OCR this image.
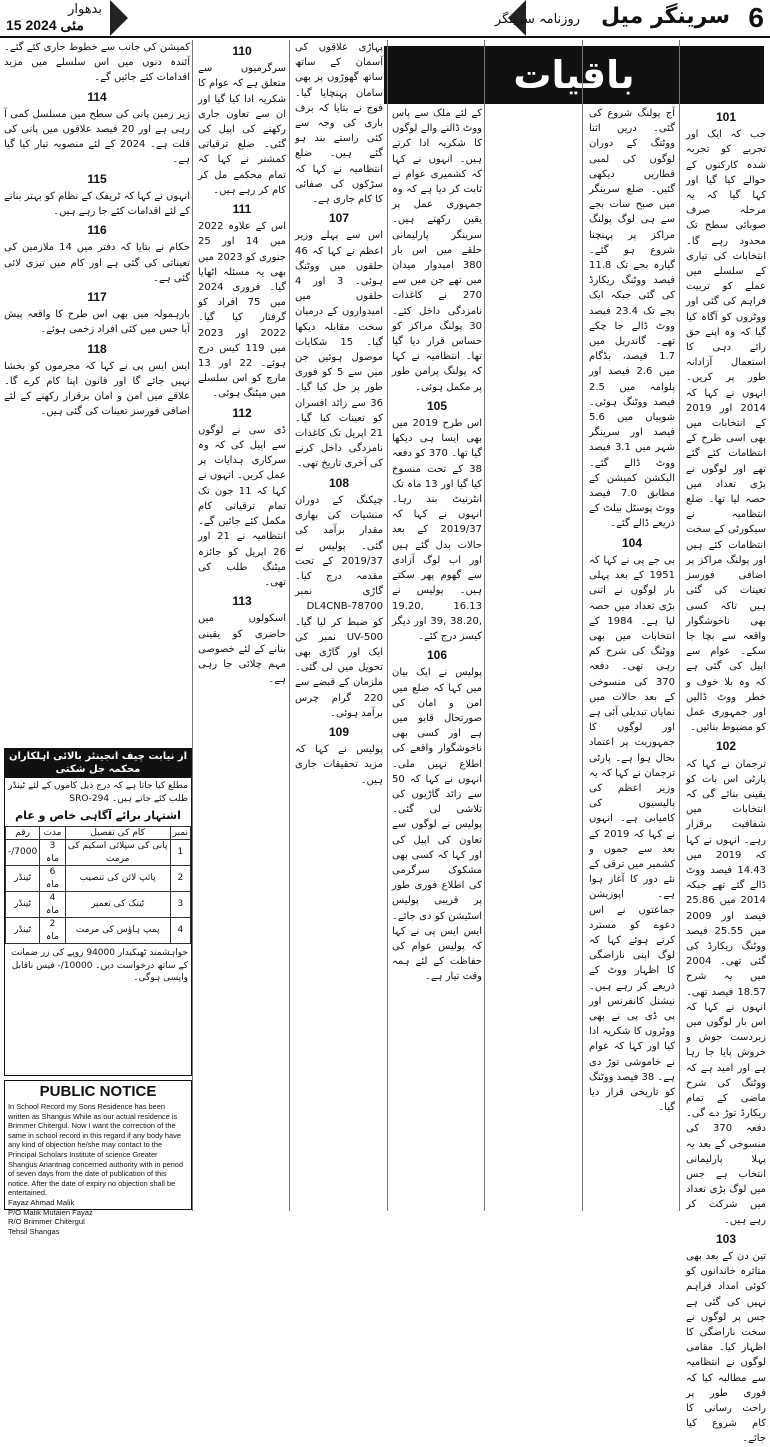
بدھوار
15 مئی 2024	روزنامہ سرینگر	سرینگر میل 6
باقیات
101

جب کہ ایک اور تجربے کو تجربہ شدہ کارکنوں کے حوالے کیا گیا اور کہا گیا کہ یہ مرحلہ صرف صوبائی سطح تک محدود رہے گا۔ انتخابات کی تیاری کے سلسلے میں عملے کو تربیت فراہم کی گئی اور ووٹروں کو آگاہ کیا گیا کہ وہ اپنے حق رائے دہی کا استعمال آزادانہ طور پر کریں۔ انہوں نے کہا کہ 2014 اور 2019 کے انتخابات میں بھی اسی طرح کے انتظامات کئے گئے تھے اور لوگوں نے بڑی تعداد میں حصہ لیا تھا۔ ضلع انتظامیہ نے سیکورٹی کے سخت انتظامات کئے ہیں اور پولنگ مراکز پر اضافی فورسز تعینات کی گئی ہیں تاکہ کسی بھی ناخوشگوار واقعہ سے بچا جا سکے۔ عوام سے اپیل کی گئی ہے کہ وہ بلا خوف و خطر ووٹ ڈالیں اور جمہوری عمل کو مضبوط بنائیں۔

102

ترجمان نے کہا کہ پارٹی اس بات کو یقینی بنائے گی کہ انتخابات میں شفافیت برقرار رہے۔ انہوں نے کہا کہ 2019 میں 14.43 فیصد ووٹ ڈالے گئے تھے جبکہ 2014 میں 25.86 فیصد اور 2009 میں 25.55 فیصد ووٹنگ ریکارڈ کی گئی تھی۔ 2004 میں یہ شرح 18.57 فیصد تھی۔ انہوں نے کہا کہ اس بار لوگوں میں زبردست جوش و خروش پایا جا رہا ہے اور امید ہے کہ ووٹنگ کی شرح ماضی کے تمام ریکارڈ توڑ دے گی۔ دفعہ 370 کی منسوخی کے بعد یہ پہلا پارلیمانی انتخاب ہے جس میں لوگ بڑی تعداد میں شرکت کر رہے ہیں۔

103

تین دن کے بعد بھی متاثرہ خاندانوں کو کوئی امداد فراہم نہیں کی گئی ہے جس پر لوگوں نے سخت ناراضگی کا اظہار کیا۔ مقامی لوگوں نے انتظامیہ سے مطالبہ کیا کہ فوری طور پر راحت رسانی کا کام شروع کیا جائے۔

آج پولنگ شروع کی گئی۔ دریں اثنا ووٹنگ کے دوران لوگوں کی لمبی قطاریں دیکھی گئیں۔ ضلع سرینگر میں صبح سات بجے سے ہی لوگ پولنگ مراکز پر پہنچنا شروع ہو گئے۔ گیارہ بجے تک 11.8 فیصد ووٹنگ ریکارڈ کی گئی جبکہ ایک بجے تک 23.4 فیصد ووٹ ڈالے جا چکے تھے۔ گاندربل میں 1.7 فیصد، بڈگام میں 2.6 فیصد اور پلوامہ میں 2.5 فیصد ووٹنگ ہوئی۔ شوپیاں میں 5.6 فیصد اور سرینگر شہر میں 3.1 فیصد ووٹ ڈالے گئے۔ الیکشن کمیشن کے مطابق 7.0 فیصد ووٹ پوسٹل بیلٹ کے ذریعے ڈالے گئے۔

104

بی جے پی نے کہا کہ 1951 کے بعد پہلی بار لوگوں نے اتنی بڑی تعداد میں حصہ لیا ہے۔ 1984 کے انتخابات میں بھی ووٹنگ کی شرح کم رہی تھی۔ دفعہ 370 کی منسوخی کے بعد حالات میں نمایاں تبدیلی آئی ہے اور لوگوں کا جمہوریت پر اعتماد بحال ہوا ہے۔ پارٹی ترجمان نے کہا کہ یہ وزیر اعظم کی پالیسیوں کی کامیابی ہے۔ انہوں نے کہا کہ 2019 کے بعد سے جموں و کشمیر میں ترقی کے نئے دور کا آغاز ہوا ہے۔ اپوزیشن جماعتوں نے اس دعوے کو مسترد کرتے ہوئے کہا کہ لوگ اپنی ناراضگی کا اظہار ووٹ کے ذریعے کر رہے ہیں۔ نیشنل کانفرنس اور پی ڈی پی نے بھی ووٹروں کا شکریہ ادا کیا اور کہا کہ عوام نے خاموشی توڑ دی ہے۔ 38 فیصد ووٹنگ کو تاریخی قرار دیا گیا۔

کے لئے ملک سے پاس ووٹ ڈالنے والے لوگوں کا شکریہ ادا کرتے ہیں۔ انہوں نے کہا کہ کشمیری عوام نے ثابت کر دیا ہے کہ وہ جمہوری عمل پر یقین رکھتے ہیں۔ سرینگر پارلیمانی حلقے میں اس بار 380 امیدوار میدان میں تھے جن میں سے 270 نے کاغذات نامزدگی داخل کئے۔ 30 پولنگ مراکز کو حساس قرار دیا گیا تھا۔ انتظامیہ نے کہا کہ پولنگ پرامن طور پر مکمل ہوئی۔

105

اس طرح 2019 میں بھی ایسا ہی دیکھا گیا تھا۔ 370 کو دفعہ 38 کے تحت منسوخ کیا گیا اور 13 ماہ تک انٹرنیٹ بند رہا۔ انہوں نے کہا کہ 2019/37 کے بعد حالات بدل گئے ہیں اور اب لوگ آزادی سے گھوم پھر سکتے ہیں۔ پولیس نے 16.13 ,19.20 ,38.20 ,39 اور دیگر کیسز درج کئے۔

106

پولیس نے ایک بیان میں کہا کہ ضلع میں امن و امان کی صورتحال قابو میں ہے اور کسی بھی ناخوشگوار واقعے کی اطلاع نہیں ملی۔ انہوں نے کہا کہ 50 سے زائد گاڑیوں کی تلاشی لی گئی۔ پولیس نے لوگوں سے تعاون کی اپیل کی اور کہا کہ کسی بھی مشکوک سرگرمی کی اطلاع فوری طور پر قریبی پولیس اسٹیشن کو دی جائے۔ ایس ایس پی نے کہا کہ پولیس عوام کی حفاظت کے لئے ہمہ وقت تیار ہے۔

پہاڑی علاقوں کی آسمان کے ساتھ ساتھ گھوڑوں پر بھی سامان پہنچایا گیا۔ فوج نے بتایا کہ برف باری کی وجہ سے کئی راستے بند ہو گئے ہیں۔ ضلع انتظامیہ نے کہا کہ سڑکوں کی صفائی کا کام جاری ہے۔

107

اس سے پہلے وزیر اعظم نے کہا کہ 46 حلقوں میں ووٹنگ ہوئی۔ 3 اور 4 حلقوں میں امیدواروں کے درمیان سخت مقابلہ دیکھا گیا۔ 15 شکایات موصول ہوئیں جن میں سے 5 کو فوری طور پر حل کیا گیا۔ 36 سے زائد افسران کو تعینات کیا گیا۔ 21 اپریل تک کاغذات نامزدگی داخل کرنے کی آخری تاریخ تھی۔

108

چیکنگ کے دوران منشیات کی بھاری مقدار برآمد کی گئی۔ پولیس نے 2019/37 کے تحت مقدمہ درج کیا۔ گاڑی نمبر DL4CNB-78700 کو ضبط کر لیا گیا۔ UV-500 نمبر کی ایک اور گاڑی بھی تحویل میں لی گئی۔ ملزمان کے قبضے سے 220 گرام چرس برآمد ہوئی۔

109

پولیس نے کہا کہ مزید تحقیقات جاری ہیں۔

110

سرگرمیوں سے متعلق ہے کہ عوام کا شکریہ ادا کیا گیا اور ان سے تعاون جاری رکھنے کی اپیل کی گئی۔ ضلع ترقیاتی کمشنر نے کہا کہ تمام محکمے مل کر کام کر رہے ہیں۔

111

اس کے علاوہ 2022 میں 14 اور 25 جنوری کو 2023 میں بھی یہ مسئلہ اٹھایا گیا۔ فروری 2024 میں 75 افراد کو گرفتار کیا گیا۔ 2022 اور 2023 میں 119 کیس درج ہوئے۔ 22 اور 13 مارچ کو اس سلسلے میں میٹنگ ہوئی۔

112

ڈی سی نے لوگوں سے اپیل کی کہ وہ سرکاری ہدایات پر عمل کریں۔ انہوں نے کہا کہ 11 جون تک تمام ترقیاتی کام مکمل کئے جائیں گے۔ انتظامیہ نے 21 اور 26 اپریل کو جائزہ میٹنگ طلب کی تھی۔

113

اسکولوں میں حاضری کو یقینی بنانے کے لئے خصوصی مہم چلائی جا رہی ہے۔

کمیشن کی جانب سے خطوط جاری کئے گئے۔ آئندہ دنوں میں اس سلسلے میں مزید اقدامات کئے جائیں گے۔

114

زیر زمین پانی کی سطح میں مسلسل کمی آ رہی ہے اور 20 فیصد علاقوں میں پانی کی قلت ہے۔ 2024 کے لئے منصوبہ تیار کیا گیا ہے۔

115

انہوں نے کہا کہ ٹریفک کے نظام کو بہتر بنانے کے لئے اقدامات کئے جا رہے ہیں۔

116

حکام نے بتایا کہ دفتر میں 14 ملازمین کی تعیناتی کی گئی ہے اور کام میں تیزی لائی گئی ہے۔

117

بارہمولہ میں بھی اس طرح کا واقعہ پیش آیا جس میں کئی افراد زخمی ہوئے۔

118

ایس ایس پی نے کہا کہ مجرموں کو بخشا نہیں جائے گا اور قانون اپنا کام کرے گا۔ علاقے میں امن و امان برقرار رکھنے کے لئے اضافی فورسز تعینات کی گئی ہیں۔

از نیابت چیف انجینئر بالائی اہلکاران محکمہ جل شکتی
مطلع کیا جاتا ہے کہ درج ذیل کاموں کے لئے ٹینڈر طلب کئے جاتے ہیں۔ SRO-294
اشتہار برائے آگاہی خاص و عام
نمبر	کام کی تفصیل	مدت	رقم
1	پانی کی سپلائی اسکیم کی مرمت	3 ماہ	7000/-
2	پائپ لائن کی تنصیب	6 ماہ	ٹینڈر
3	ٹینک کی تعمیر	4 ماہ	ٹینڈر
4	پمپ ہاؤس کی مرمت	2 ماہ	ٹینڈر
خواہشمند ٹھیکیدار 94000 روپے کی زر ضمانت کے ساتھ درخواست دیں۔ 10000/- فیس ناقابل واپسی ہوگی۔
PUBLIC NOTICE
In School Record my Sons Residence has been written as Shangus While as our actual residence is Brimmer Chitergul. Now I want the correction of the same in school record in this regard if any body have any kind of objection he/she may contact to the Principal Scholars Institute of science Greater Shangus Anantnag concerned authority with in period of seven days from the date of publication of this notice. After the date of expiry no objection shall be entertained.
Fayaz Ahmad Malik
P/O Malik Mutaien Fayaz
R/O Brimmer Chitergul
Tehsil Shangas
